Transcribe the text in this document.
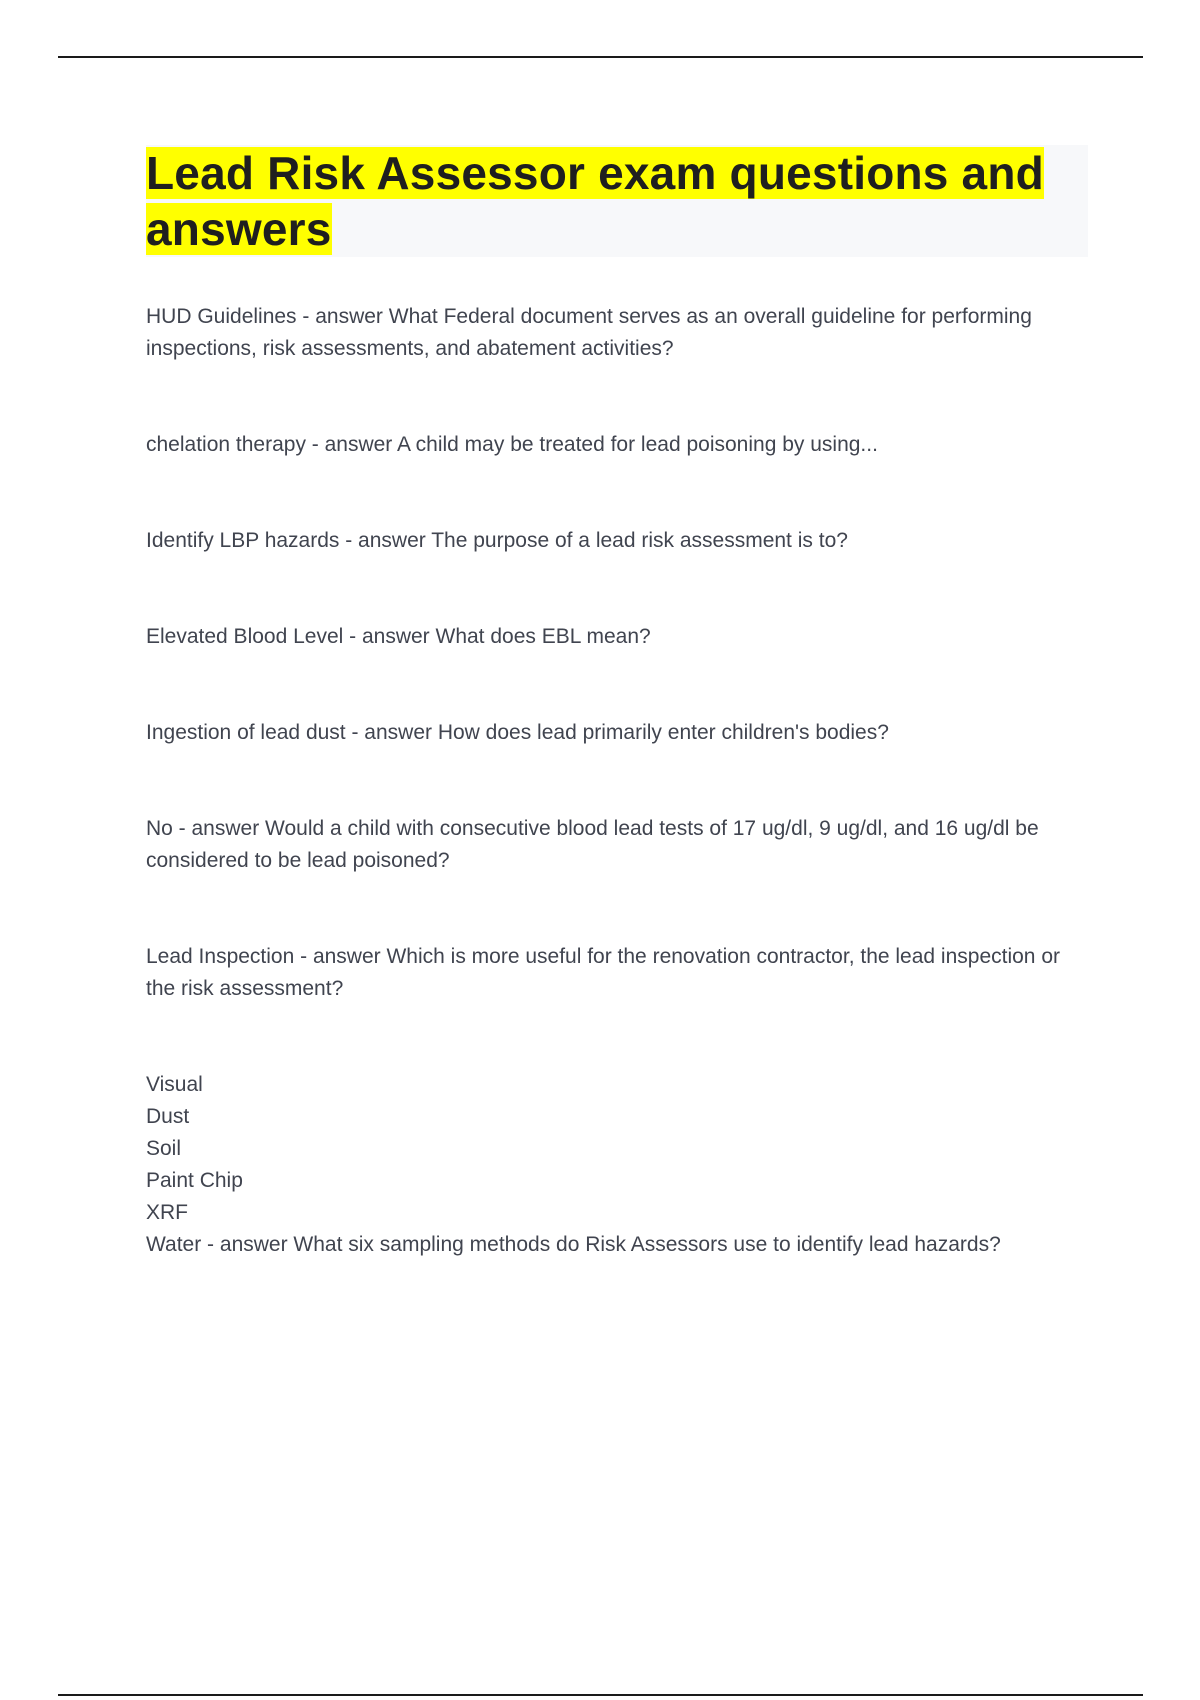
Lead Risk Assessor exam questions and answers

HUD Guidelines - answer What Federal document serves as an overall guideline for performing inspections, risk assessments, and abatement activities?

chelation therapy - answer A child may be treated for lead poisoning by using...

Identify LBP hazards - answer The purpose of a lead risk assessment is to?

Elevated Blood Level - answer What does EBL mean?

Ingestion of lead dust - answer How does lead primarily enter children's bodies?

No - answer Would a child with consecutive blood lead tests of 17 ug/dl, 9 ug/dl, and 16 ug/dl be considered to be lead poisoned?

Lead Inspection - answer Which is more useful for the renovation contractor, the lead inspection or the risk assessment?

Visual

Dust

Soil

Paint Chip

XRF

Water - answer What six sampling methods do Risk Assessors use to identify lead hazards?
